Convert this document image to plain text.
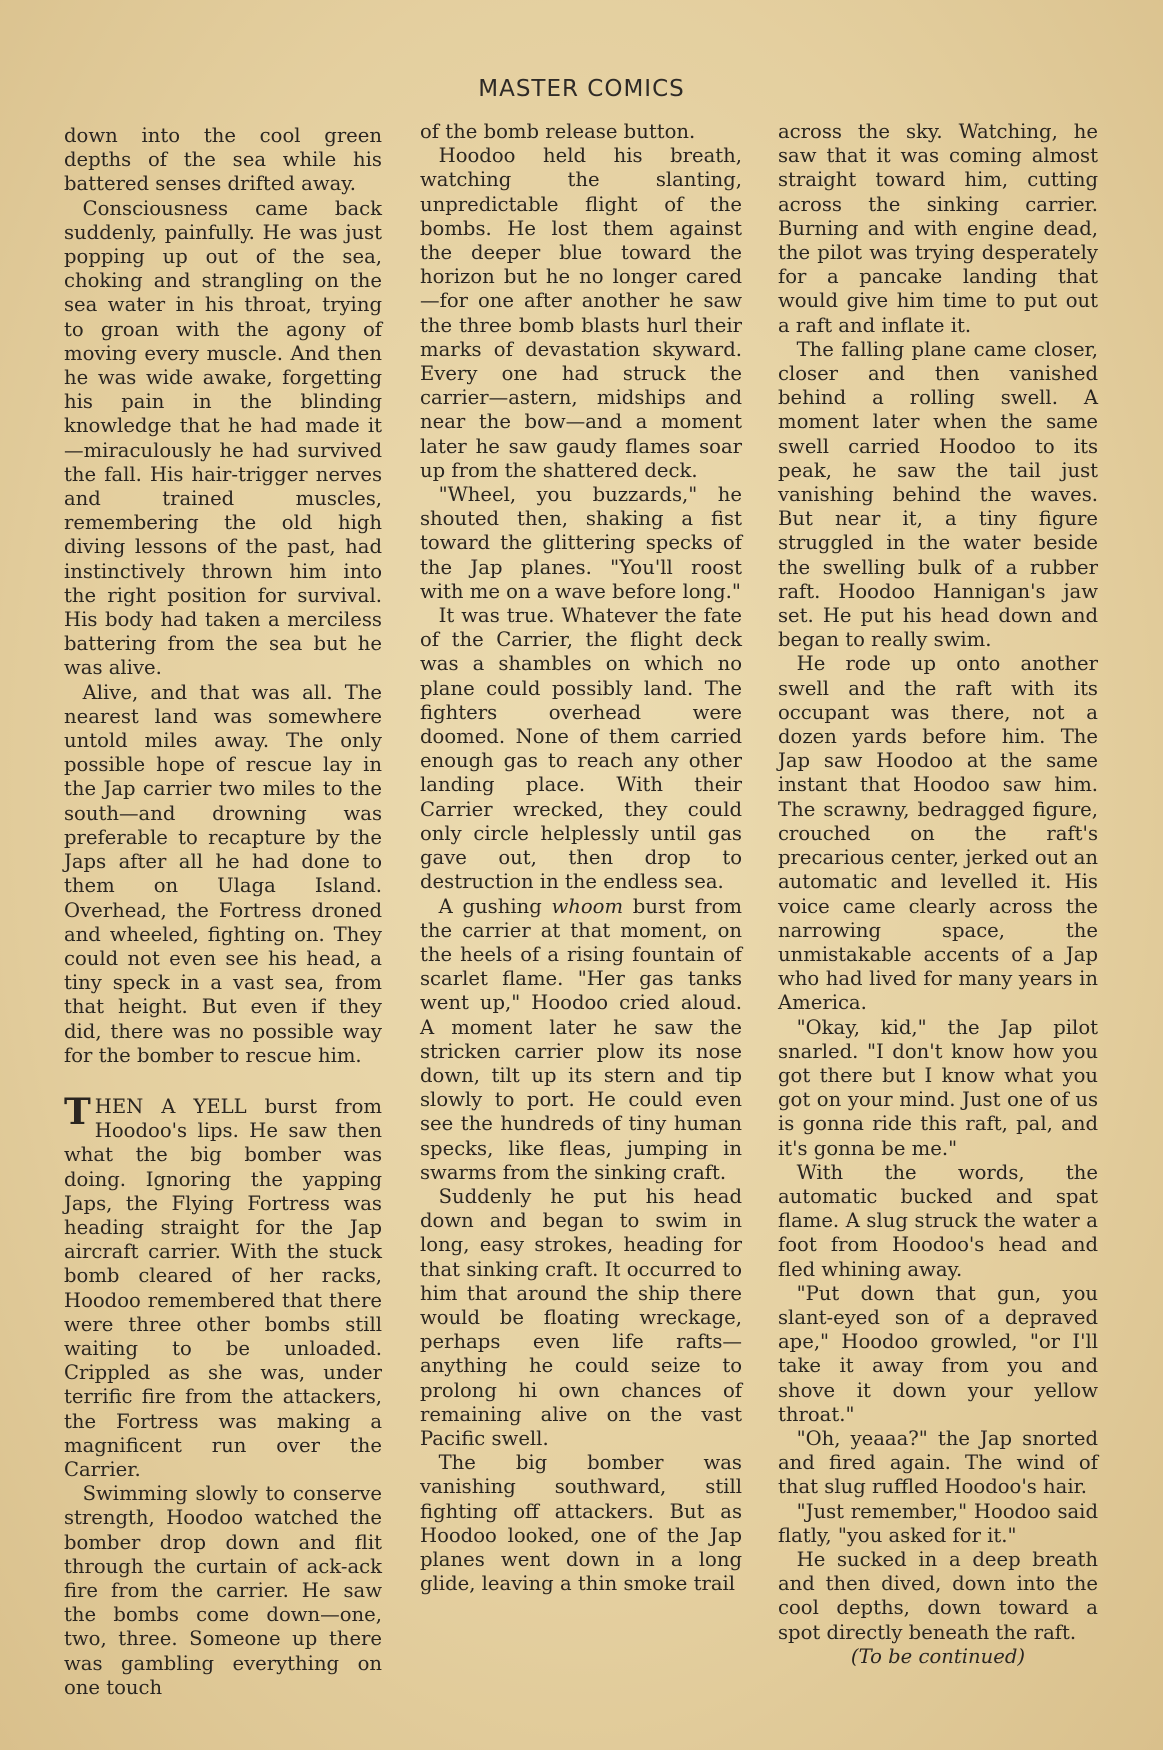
MASTER COMICS

down into the cool green depths of the sea while his battered senses drifted away.

Consciousness came back suddenly, painfully. He was just popping up out of the sea, choking and strangling on the sea water in his throat, trying to groan with the agony of moving every muscle. And then he was wide awake, forgetting his pain in the blinding knowledge that he had made it —miraculously he had survived the fall. His hair-trigger nerves and trained muscles, remembering the old high diving lessons of the past, had instinctively thrown him into the right position for survival. His body had taken a merciless battering from the sea but he was alive.

Alive, and that was all. The nearest land was somewhere untold miles away. The only possible hope of rescue lay in the Jap carrier two miles to the south—and drowning was preferable to recapture by the Japs after all he had done to them on Ulaga Island. Overhead, the Fortress droned and wheeled, fighting on. They could not even see his head, a tiny speck in a vast sea, from that height. But even if they did, there was no possible way for the bomber to rescue him.

THEN A YELL burst from Hoodoo's lips. He saw then what the big bomber was doing. Ignoring the yapping Japs, the Flying Fortress was heading straight for the Jap aircraft carrier. With the stuck bomb cleared of her racks, Hoodoo remembered that there were three other bombs still waiting to be unloaded. Crippled as she was, under terrific fire from the attackers, the Fortress was making a magnificent run over the Carrier.

Swimming slowly to conserve strength, Hoodoo watched the bomber drop down and flit through the curtain of ack-ack fire from the carrier. He saw the bombs come down—one, two, three. Someone up there was gambling everything on one touch

of the bomb release button.

Hoodoo held his breath, watching the slanting, unpredictable flight of the bombs. He lost them against the deeper blue toward the horizon but he no longer cared—for one after another he saw the three bomb blasts hurl their marks of devastation skyward. Every one had struck the carrier—astern, midships and near the bow—and a moment later he saw gaudy flames soar up from the shattered deck.

"Wheel, you buzzards," he shouted then, shaking a fist toward the glittering specks of the Jap planes. "You'll roost with me on a wave before long."

It was true. Whatever the fate of the Carrier, the flight deck was a shambles on which no plane could possibly land. The fighters overhead were doomed. None of them carried enough gas to reach any other landing place. With their Carrier wrecked, they could only circle helplessly until gas gave out, then drop to destruction in the endless sea.

A gushing whoom burst from the carrier at that moment, on the heels of a rising fountain of scarlet flame. "Her gas tanks went up," Hoodoo cried aloud. A moment later he saw the stricken carrier plow its nose down, tilt up its stern and tip slowly to port. He could even see the hundreds of tiny human specks, like fleas, jumping in swarms from the sinking craft.

Suddenly he put his head down and began to swim in long, easy strokes, heading for that sinking craft. It occurred to him that around the ship there would be floating wreckage, perhaps even life rafts—anything he could seize to prolong hi own chances of remaining alive on the vast Pacific swell.

The big bomber was vanishing southward, still fighting off attackers. But as Hoodoo looked, one of the Jap planes went down in a long glide, leaving a thin smoke trail

across the sky. Watching, he saw that it was coming almost straight toward him, cutting across the sinking carrier. Burning and with engine dead, the pilot was trying desperately for a pancake landing that would give him time to put out a raft and inflate it.

The falling plane came closer, closer and then vanished behind a rolling swell. A moment later when the same swell carried Hoodoo to its peak, he saw the tail just vanishing behind the waves. But near it, a tiny figure struggled in the water beside the swelling bulk of a rubber raft. Hoodoo Hannigan's jaw set. He put his head down and began to really swim.

He rode up onto another swell and the raft with its occupant was there, not a dozen yards before him. The Jap saw Hoodoo at the same instant that Hoodoo saw him. The scrawny, bedragged figure, crouched on the raft's precarious center, jerked out an automatic and levelled it. His voice came clearly across the narrowing space, the unmistakable accents of a Jap who had lived for many years in America.

"Okay, kid," the Jap pilot snarled. "I don't know how you got there but I know what you got on your mind. Just one of us is gonna ride this raft, pal, and it's gonna be me."

With the words, the automatic bucked and spat flame. A slug struck the water a foot from Hoodoo's head and fled whining away.

"Put down that gun, you slant-eyed son of a depraved ape," Hoodoo growled, "or I'll take it away from you and shove it down your yellow throat."

"Oh, yeaaa?" the Jap snorted and fired again. The wind of that slug ruffled Hoodoo's hair.

"Just remember," Hoodoo said flatly, "you asked for it."

He sucked in a deep breath and then dived, down into the cool depths, down toward a spot directly beneath the raft.

(To be continued)
